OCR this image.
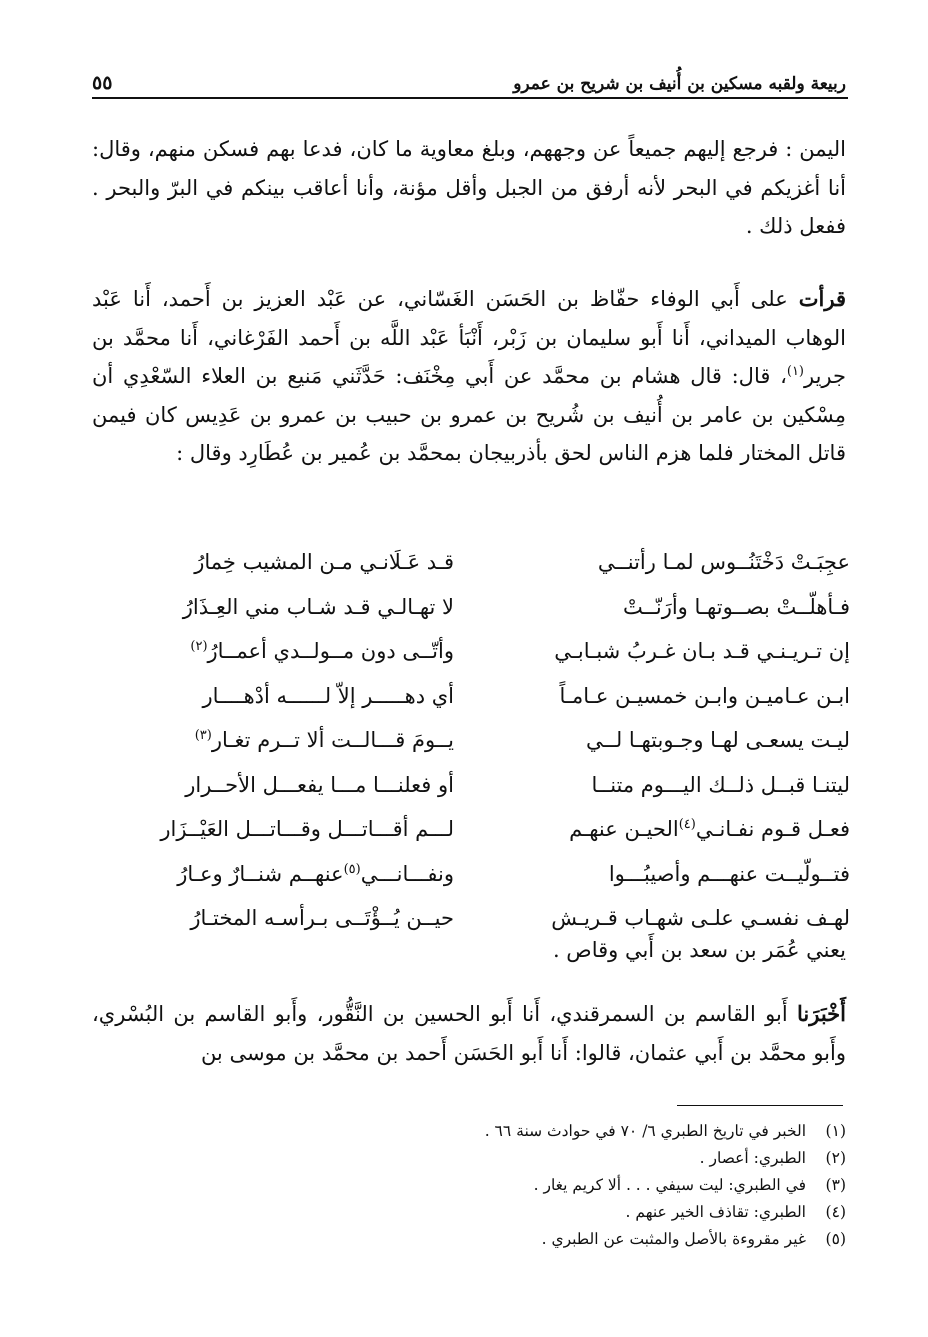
ربيعة ولقبه مسكين بن أُنيف بن شريح بن عمرو
٥٥

اليمن : فرجع إليهم جميعاً عن وجههم، وبلغ معاوية ما كان، فدعا بهم فسكن منهم، وقال: أنا أغزيكم في البحر لأنه أرفق من الجبل وأقل مؤنة، وأنا أعاقب بينكم في البرّ والبحر . ففعل ذلك .

قرأت على أَبي الوفاء حفّاظ بن الحَسَن الغَسّاني، عن عَبْد العزيز بن أَحمد، أَنا عَبْد الوهاب الميداني، أَنا أَبو سليمان بن زَبْر، أَنْبَأ عَبْد اللَّه بن أَحمد الفَرْغاني، أَنا محمَّد بن جرير$^{(١)}$، قال: قال هشام بن محمَّد عن أَبي مِخْنَف: حَدَّثَني مَنيع بن العلاء السّعْدِي أن مِسْكين بن عامر بن أُنيف بن شُريح بن عمرو بن حبيب بن عمرو بن عَدِيس كان فيمن قاتل المختار فلما هزم الناس لحق بأذربيجان بمحمَّد بن عُمير بن عُطَارِد وقال :

عجِبَـتْ دَخْتَنُــوس لمـا رأتنــي
قـد عَـلَانـي مـن المشيب خِمارُ
فـأهلّــتْ بصــوتهـا وأرَنّــتْ
لا تهـالـي قـد شـاب مني العِـذَارُ
إن تـريـنـي قـد بـان غـربُ شبـابـي
وأتّــى دون مــولــدي أعمــارُ$^{(٢)}$
ابـن عـاميـن وابـن خمسيـن عـامـاً
أي دهـــــر إلاّ لــــــه أدْهــــار
ليـت يسعـى لهـا وجـوبتهـا لــي
يــومَ قـــالــت ألا تــرم تغـار$^{(٣)}$
ليتنـا قبــل ذلــك اليـــوم متنــا
أو فعلنـــا مـــا يفعـــل الأحــرار
فعـل قـوم نفـانـي$^{(٤)}$الحيـن عنهـم
لـــم أقـــاتـــل وقـــاتـــل العَيْــزَار
فتــولّيــت عنهـــم وأصيبُـــوا
ونفـــانـــي$^{(٥)}$عنهــم شنــارٌ وعـارُ
لهـف نفسـي علـى شهـاب قـريـش
حيــن يُــؤْتَــى بـرأسـه المختـارُ
يعني عُمَر بن سعد بن أَبي وقاص .

أَخْبَرَنا أَبو القاسم بن السمرقندي، أَنا أَبو الحسين بن النَّقُّور، وأَبو القاسم بن البُسْري، وأَبو محمَّد بن أَبي عثمان، قالوا: أَنا أَبو الحَسَن أَحمد بن محمَّد بن موسى بن

(١)
الخبر في تاريخ الطبري ٦/ ٧٠ في حوادث سنة ٦٦ .
(٢)
الطبري: أعصار .
(٣)
في الطبري: ليت سيفي . . . ألا كريم يغار .
(٤)
الطبري: تقاذف الخير عنهم .
(٥)
غير مقروءة بالأصل والمثبت عن الطبري .
